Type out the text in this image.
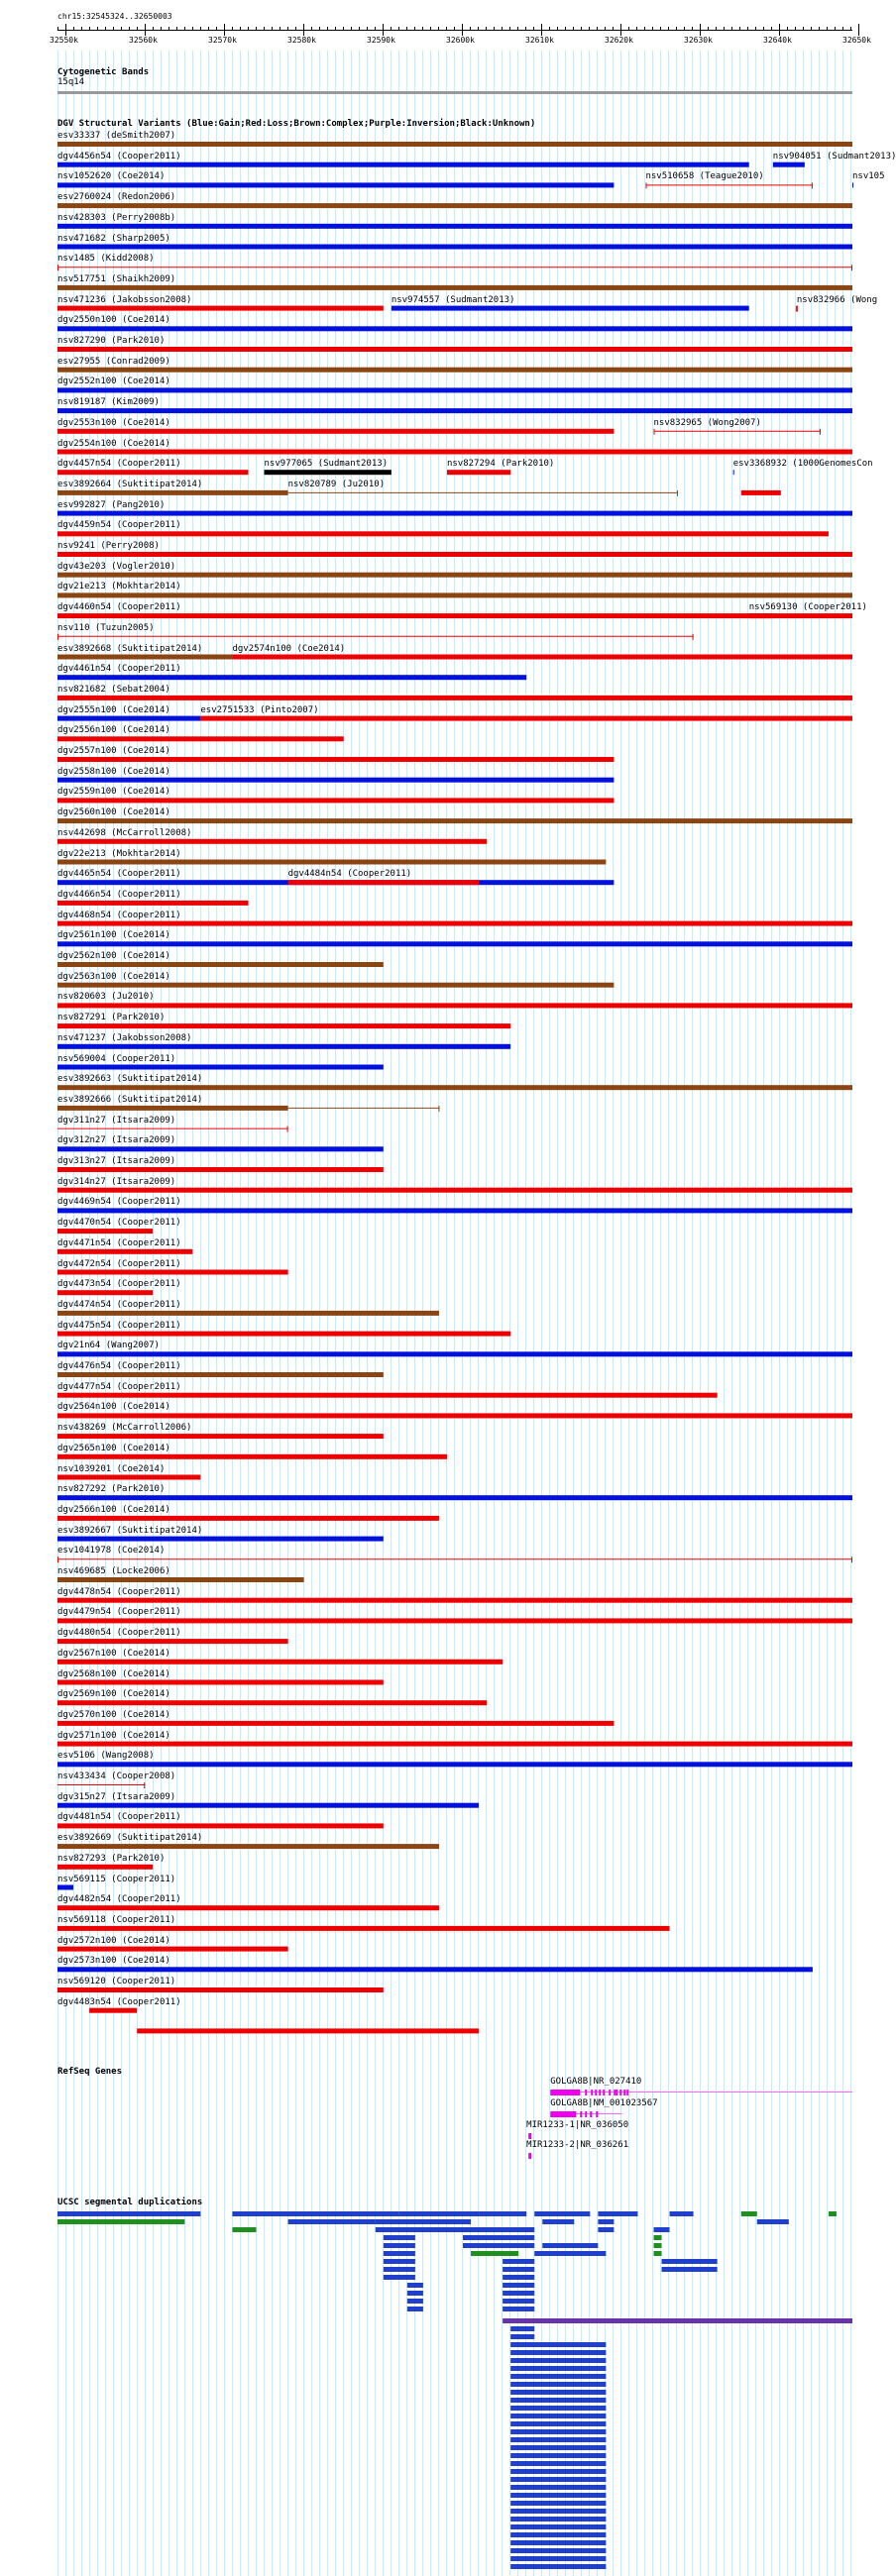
chr15:32545324..32650003
32550k	32560k	32570k	32580k	32590k	32600k	32610k	32620k	32630k	32640k	32650k
Cytogenetic Bands
15q14
DGV Structural Variants (Blue:Gain;Red:Loss;Brown:Complex;Purple:Inversion;Black:Unknown)
esv33337 (deSmith2007)
dgv4456n54 (Cooper2011)	nsv904051 (Sudmant2013)
nsv1052620 (Coe2014)	nsv510658 (Teague2010)	nsv105
esv2760024 (Redon2006)
nsv428303 (Perry2008b)
nsv471682 (Sharp2005)
nsv1485 (Kidd2008)
nsv517751 (Shaikh2009)
nsv471236 (Jakobsson2008)	nsv974557 (Sudmant2013)	nsv832966 (Wong
dgv2550n100 (Coe2014)
nsv827290 (Park2010)
esv27955 (Conrad2009)
dgv2552n100 (Coe2014)
nsv819187 (Kim2009)
dgv2553n100 (Coe2014)	nsv832965 (Wong2007)
dgv2554n100 (Coe2014)
dgv4457n54 (Cooper2011)	nsv977065 (Sudmant2013)	nsv827294 (Park2010)	esv3368932 (1000GenomesCon
esv3892664 (Suktitipat2014)	nsv820789 (Ju2010)
esv992827 (Pang2010)
dgv4459n54 (Cooper2011)
nsv9241 (Perry2008)
dgv43e203 (Vogler2010)
dgv21e213 (Mokhtar2014)
dgv4460n54 (Cooper2011)	nsv569130 (Cooper2011)
nsv110 (Tuzun2005)
esv3892668 (Suktitipat2014)	dgv2574n100 (Coe2014)
dgv4461n54 (Cooper2011)
nsv821682 (Sebat2004)
dgv2555n100 (Coe2014)	esv2751533 (Pinto2007)
dgv2556n100 (Coe2014)
dgv2557n100 (Coe2014)
dgv2558n100 (Coe2014)
dgv2559n100 (Coe2014)
dgv2560n100 (Coe2014)
nsv442698 (McCarroll2008)
dgv22e213 (Mokhtar2014)
dgv4465n54 (Cooper2011)	dgv4484n54 (Cooper2011)
dgv4466n54 (Cooper2011)
dgv4468n54 (Cooper2011)
dgv2561n100 (Coe2014)
dgv2562n100 (Coe2014)
dgv2563n100 (Coe2014)
nsv820603 (Ju2010)
nsv827291 (Park2010)
nsv471237 (Jakobsson2008)
nsv569004 (Cooper2011)
esv3892663 (Suktitipat2014)
esv3892666 (Suktitipat2014)
dgv311n27 (Itsara2009)
dgv312n27 (Itsara2009)
dgv313n27 (Itsara2009)
dgv314n27 (Itsara2009)
dgv4469n54 (Cooper2011)
dgv4470n54 (Cooper2011)
dgv4471n54 (Cooper2011)
dgv4472n54 (Cooper2011)
dgv4473n54 (Cooper2011)
dgv4474n54 (Cooper2011)
dgv4475n54 (Cooper2011)
dgv21n64 (Wang2007)
dgv4476n54 (Cooper2011)
dgv4477n54 (Cooper2011)
dgv2564n100 (Coe2014)
nsv438269 (McCarroll2006)
dgv2565n100 (Coe2014)
nsv1039201 (Coe2014)
nsv827292 (Park2010)
dgv2566n100 (Coe2014)
esv3892667 (Suktitipat2014)
esv1041978 (Coe2014)
nsv469685 (Locke2006)
dgv4478n54 (Cooper2011)
dgv4479n54 (Cooper2011)
dgv4480n54 (Cooper2011)
dgv2567n100 (Coe2014)
dgv2568n100 (Coe2014)
dgv2569n100 (Coe2014)
dgv2570n100 (Coe2014)
dgv2571n100 (Coe2014)
esv5106 (Wang2008)
nsv433434 (Cooper2008)
dgv315n27 (Itsara2009)
dgv4481n54 (Cooper2011)
esv3892669 (Suktitipat2014)
nsv827293 (Park2010)
nsv569115 (Cooper2011)
dgv4482n54 (Cooper2011)
nsv569118 (Cooper2011)
dgv2572n100 (Coe2014)
dgv2573n100 (Coe2014)
nsv569120 (Cooper2011)
dgv4483n54 (Cooper2011)
RefSeq Genes
GOLGA8B|NR_027410
GOLGA8B|NM_001023567
MIR1233-1|NR_036050
MIR1233-2|NR_036261
UCSC segmental duplications
